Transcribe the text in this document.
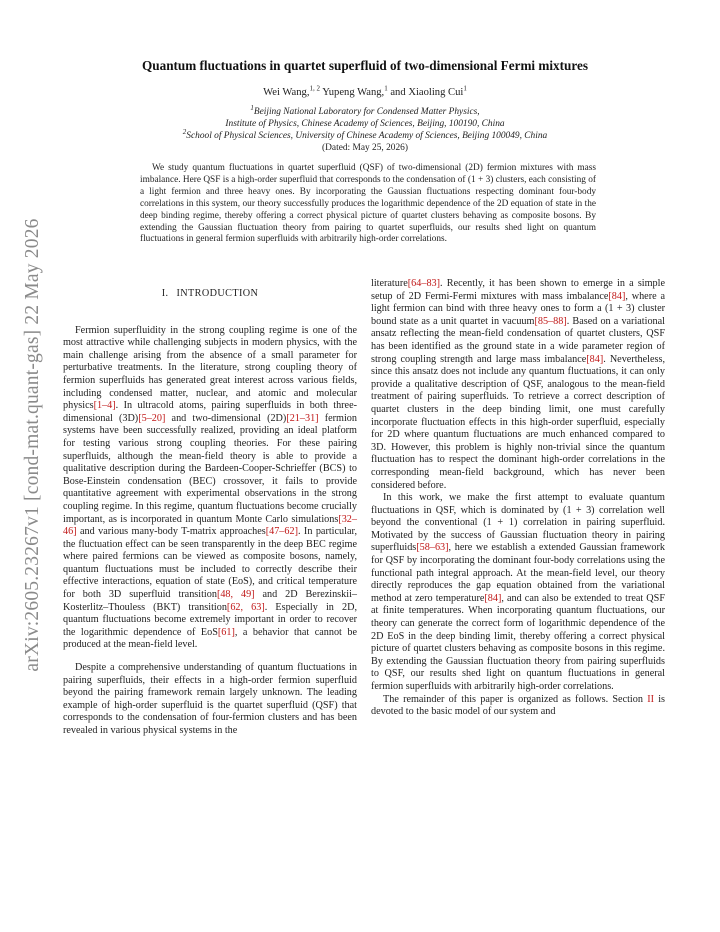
arXiv:2605.23267v1 [cond-mat.quant-gas] 22 May 2026
Quantum fluctuations in quartet superfluid of two-dimensional Fermi mixtures
Wei Wang,$^{1, 2}$ Yupeng Wang,$^1$ and Xiaoling Cui$^1$
$^1$Beijing National Laboratory for Condensed Matter Physics,
Institute of Physics, Chinese Academy of Sciences, Beijing, 100190, China
$^2$School of Physical Sciences, University of Chinese Academy of Sciences, Beijing 100049, China
(Dated: May 25, 2026)

We study quantum fluctuations in quartet superfluid (QSF) of two-dimensional (2D) fermion mixtures with mass imbalance. Here QSF is a high-order superfluid that corresponds to the condensation of (1 + 3) clusters, each consisting of a light fermion and three heavy ones. By incorporating the Gaussian fluctuations respecting dominant four-body correlations in this system, our theory successfully produces the logarithmic dependence of the 2D equation of state in the deep binding regime, thereby offering a correct physical picture of quartet clusters behaving as composite bosons. By extending the Gaussian fluctuation theory from pairing to quartet superfluids, our results shed light on quantum fluctuations in general fermion superfluids with arbitrarily high-order correlations.

I. INTRODUCTION

Fermion superfluidity in the strong coupling regime is one of the most attractive while challenging subjects in modern physics, with the main challenge arising from the absence of a small parameter for perturbative treatments. In the literature, strong coupling theory of fermion superfluids has generated great interest across various fields, including condensed matter, nuclear, and atomic and molecular physics[1–4]. In ultracold atoms, pairing superfluids in both three-dimensional (3D)[5–20] and two-dimensional (2D)[21–31] fermion systems have been successfully realized, providing an ideal platform for testing various strong coupling theories. For these pairing superfluids, although the mean-field theory is able to provide a qualitative description during the Bardeen-Cooper-Schrieffer (BCS) to Bose-Einstein condensation (BEC) crossover, it fails to provide quantitative agreement with experimental observations in the strong coupling regime. In this regime, quantum fluctuations become crucially important, as is incorporated in quantum Monte Carlo simulations[32–46] and various many-body T-matrix approaches[47–62]. In particular, the fluctuation effect can be seen transparently in the deep BEC regime where paired fermions can be viewed as composite bosons, namely, quantum fluctuations must be included to correctly describe their effective interactions, equation of state (EoS), and critical temperature for both 3D superfluid transition[48, 49] and 2D Berezinskii–Kosterlitz–Thouless (BKT) transition[62, 63]. Especially in 2D, quantum fluctuations become extremely important in order to recover the logarithmic dependence of EoS[61], a behavior that cannot be produced at the mean-field level.

Despite a comprehensive understanding of quantum fluctuations in pairing superfluids, their effects in a high-order fermion superfluid beyond the pairing framework remain largely unknown. The leading example of high-order superfluid is the quartet superfluid (QSF) that corresponds to the condensation of four-fermion clusters and has been revealed in various physical systems in the

literature[64–83]. Recently, it has been shown to emerge in a simple setup of 2D Fermi-Fermi mixtures with mass imbalance[84], where a light fermion can bind with three heavy ones to form a (1 + 3) cluster bound state as a unit quartet in vacuum[85–88]. Based on a variational ansatz reflecting the mean-field condensation of quartet clusters, QSF has been identified as the ground state in a wide parameter region of strong coupling strength and large mass imbalance[84]. Nevertheless, since this ansatz does not include any quantum fluctuations, it can only provide a qualitative description of QSF, analogous to the mean-field treatment of pairing superfluids. To retrieve a correct description of quartet clusters in the deep binding limit, one must carefully incorporate fluctuation effects in this high-order superfluid, especially for 2D where quantum fluctuations are much enhanced compared to 3D. However, this problem is highly non-trivial since the quantum fluctuation has to respect the dominant high-order correlations in the corresponding mean-field background, which has never been considered before.

In this work, we make the first attempt to evaluate quantum fluctuations in QSF, which is dominated by (1 + 3) correlation well beyond the conventional (1 + 1) correlation in pairing superfluid. Motivated by the success of Gaussian fluctuation theory in pairing superfluids[58–63], here we establish a extended Gaussian framework for QSF by incorporating the dominant four-body correlations using the functional path integral approach. At the mean-field level, our theory directly reproduces the gap equation obtained from the variational method at zero temperature[84], and can also be extended to treat QSF at finite temperatures. When incorporating quantum fluctuations, our theory can generate the correct form of logarithmic dependence of the 2D EoS in the deep binding limit, thereby offering a correct physical picture of quartet clusters behaving as composite bosons in this regime. By extending the Gaussian fluctuation theory from pairing superfluids to QSF, our results shed light on quantum fluctuations in general fermion superfluids with arbitrarily high-order correlations.

The remainder of this paper is organized as follows. Section II is devoted to the basic model of our system and
